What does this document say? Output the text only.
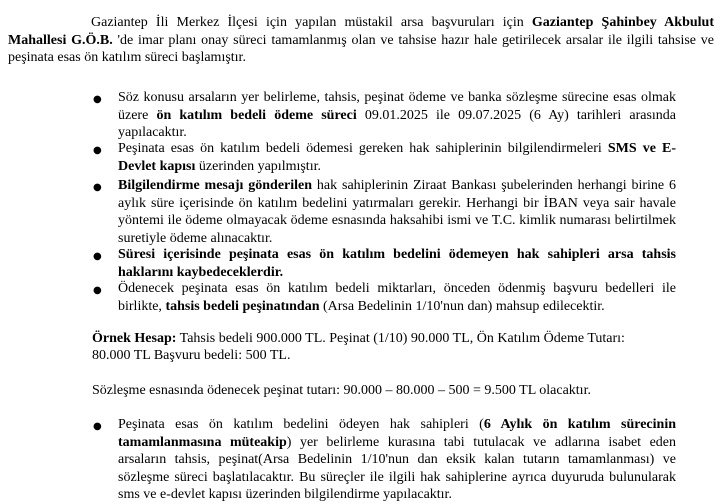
Gaziantep İli Merkez İlçesi için yapılan müstakil arsa başvuruları için Gaziantep Şahinbey Akbulut Mahallesi G.Ö.B. 'de imar planı onay süreci tamamlanmış olan ve tahsise hazır hale getirilecek arsalar ile ilgili tahsise ve peşinata esas ön katılım süreci başlamıştır.

● Söz konusu arsaların yer belirleme, tahsis, peşinat ödeme ve banka sözleşme sürecine esas olmak üzere ön katılım bedeli ödeme süreci 09.01.2025 ile 09.07.2025 (6 Ay) tarihleri arasında yapılacaktır.

● Peşinata esas ön katılım bedeli ödemesi gereken hak sahiplerinin bilgilendirmeleri SMS ve E-Devlet kapısı üzerinden yapılmıştır.

● Bilgilendirme mesajı gönderilen hak sahiplerinin Ziraat Bankası şubelerinden herhangi birine 6 aylık süre içerisinde ön katılım bedelini yatırmaları gerekir. Herhangi bir İBAN veya sair havale yöntemi ile ödeme olmayacak ödeme esnasında haksahibi ismi ve T.C. kimlik numarası belirtilmek suretiyle ödeme alınacaktır.

● Süresi içerisinde peşinata esas ön katılım bedelini ödemeyen hak sahipleri arsa tahsis haklarını kaybedeceklerdir.

● Ödenecek peşinata esas ön katılım bedeli miktarları, önceden ödenmiş başvuru bedelleri ile birlikte, tahsis bedeli peşinatından (Arsa Bedelinin 1/10'nun dan) mahsup edilecektir.

Örnek Hesap: Tahsis bedeli 900.000 TL. Peşinat (1/10) 90.000 TL, Ön Katılım Ödeme Tutarı:

80.000 TL Başvuru bedeli: 500 TL.

Sözleşme esnasında ödenecek peşinat tutarı: 90.000 – 80.000 – 500 = 9.500 TL olacaktır.

● Peşinata esas ön katılım bedelini ödeyen hak sahipleri (6 Aylık ön katılım sürecinin tamamlanmasına müteakip) yer belirleme kurasına tabi tutulacak ve adlarına isabet eden arsaların tahsis, peşinat(Arsa Bedelinin 1/10'nun dan eksik kalan tutarın tamamlanması) ve sözleşme süreci başlatılacaktır. Bu süreçler ile ilgili hak sahiplerine ayrıca duyuruda bulunularak sms ve e-devlet kapısı üzerinden bilgilendirme yapılacaktır.
